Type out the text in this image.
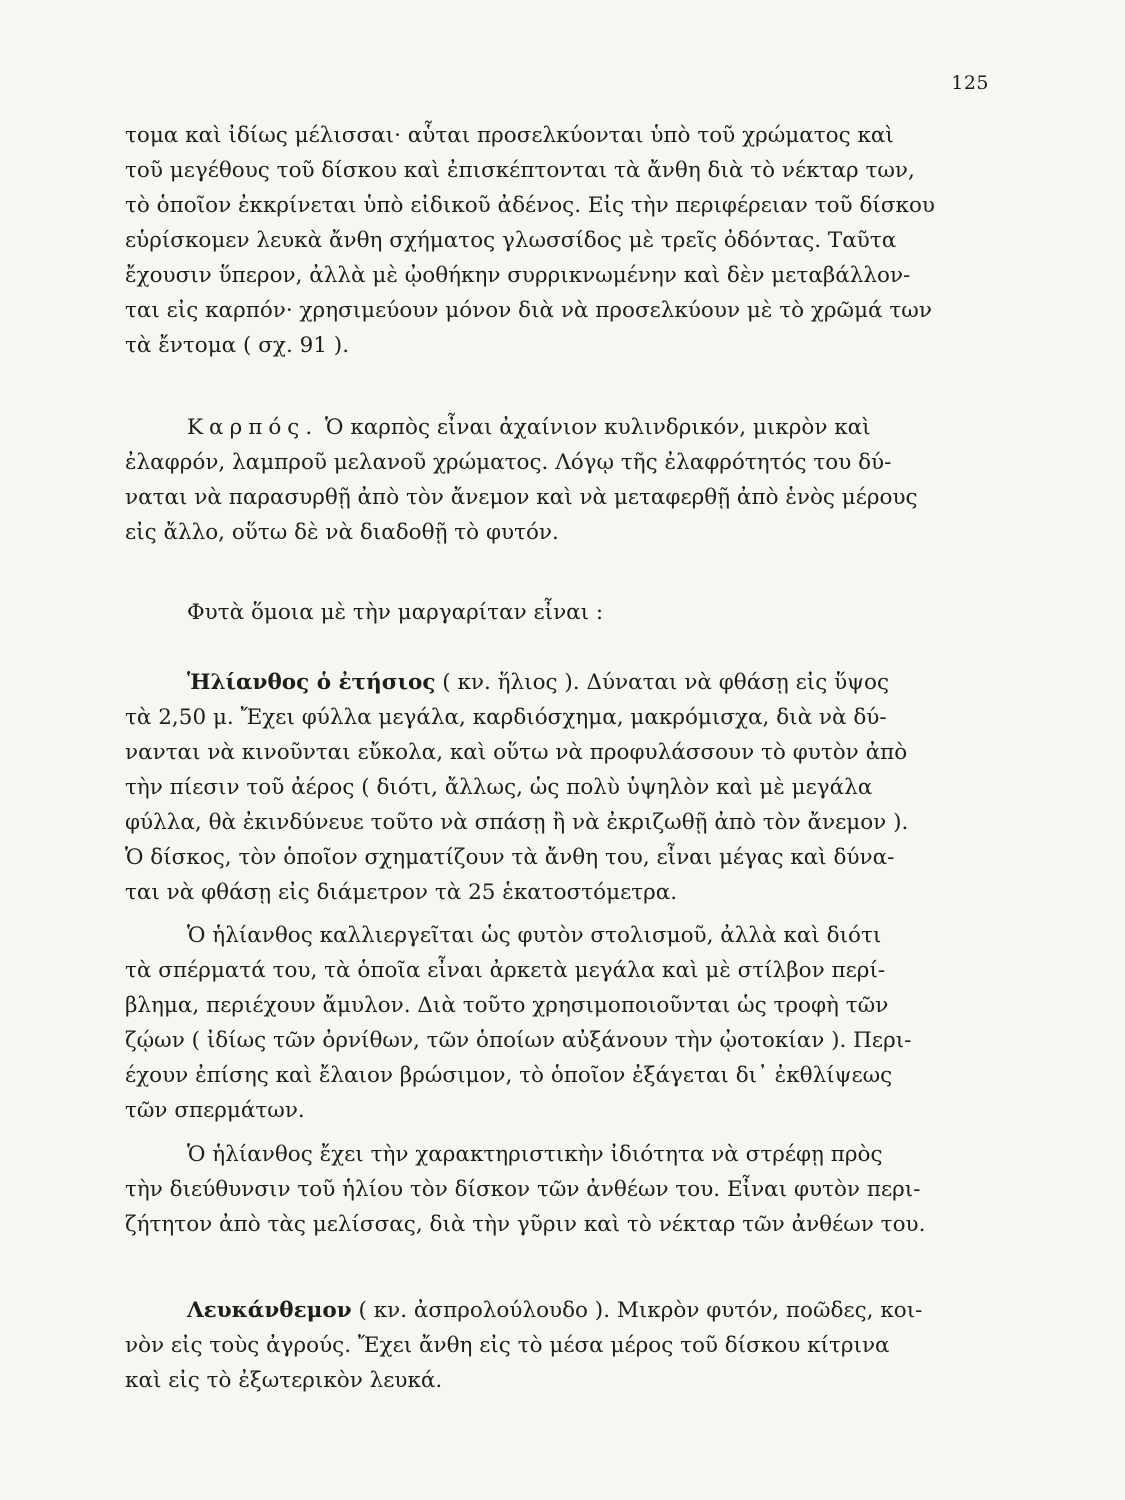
125
τομα καὶ ἰδίως μέλισσαι· αὗται προσελκύονται ὑπὸ τοῦ χρώματος καὶ
τοῦ μεγέθους τοῦ δίσκου καὶ ἐπισκέπτονται τὰ ἄνθη διὰ τὸ νέκταρ των,
τὸ ὁποῖον ἐκκρίνεται ὑπὸ εἰδικοῦ ἀδένος. Εἰς τὴν περιφέρειαν τοῦ δίσκου
εὑρίσκομεν λευκὰ ἄνθη σχήματος γλωσσίδος μὲ τρεῖς ὀδόντας. Ταῦτα
ἔχουσιν ὕπερον, ἀλλὰ μὲ ᾠοθήκην συρρικνωμένην καὶ δὲν μεταβάλλον-
ται εἰς καρπόν· χρησιμεύουν μόνον διὰ νὰ προσελκύουν μὲ τὸ χρῶμά των
τὰ ἔντομα ( σχ. 91 ).
Καρπός. Ὁ καρπὸς εἶναι ἀχαίνιον κυλινδρικόν, μικρὸν καὶ
ἐλαφρόν, λαμπροῦ μελανοῦ χρώματος. Λόγῳ τῆς ἐλαφρότητός του δύ-
ναται νὰ παρασυρθῇ ἀπὸ τὸν ἄνεμον καὶ νὰ μεταφερθῇ ἀπὸ ἑνὸς μέρους
εἰς ἄλλο, οὕτω δὲ νὰ διαδοθῇ τὸ φυτόν.
Φυτὰ ὅμοια μὲ τὴν μαργαρίταν εἶναι :
Ἡλίανθος ὁ ἐτήσιος ( κν. ἥλιος ). Δύναται νὰ φθάσῃ εἰς ὕψος
τὰ 2,50 μ. Ἔχει φύλλα μεγάλα, καρδιόσχημα, μακρόμισχα, διὰ νὰ δύ-
νανται νὰ κινοῦνται εὔκολα, καὶ οὕτω νὰ προφυλάσσουν τὸ φυτὸν ἀπὸ
τὴν πίεσιν τοῦ ἀέρος ( διότι, ἄλλως, ὡς πολὺ ὑψηλὸν καὶ μὲ μεγάλα
φύλλα, θὰ ἐκινδύνευε τοῦτο νὰ σπάσῃ ἢ νὰ ἐκριζωθῇ ἀπὸ τὸν ἄνεμον ).
Ὁ δίσκος, τὸν ὁποῖον σχηματίζουν τὰ ἄνθη του, εἶναι μέγας καὶ δύνα-
ται νὰ φθάσῃ εἰς διάμετρον τὰ 25 ἑκατοστόμετρα.
Ὁ ἡλίανθος καλλιεργεῖται ὡς φυτὸν στολισμοῦ, ἀλλὰ καὶ διότι
τὰ σπέρματά του, τὰ ὁποῖα εἶναι ἀρκετὰ μεγάλα καὶ μὲ στίλβον περί-
βλημα, περιέχουν ἄμυλον. Διὰ τοῦτο χρησιμοποιοῦνται ὡς τροφὴ τῶν
ζῴων ( ἰδίως τῶν ὀρνίθων, τῶν ὁποίων αὐξάνουν τὴν ᾠοτοκίαν ). Περι-
έχουν ἐπίσης καὶ ἔλαιον βρώσιμον, τὸ ὁποῖον ἐξάγεται δι᾽ ἐκθλίψεως
τῶν σπερμάτων.
Ὁ ἡλίανθος ἔχει τὴν χαρακτηριστικὴν ἰδιότητα νὰ στρέφῃ πρὸς
τὴν διεύθυνσιν τοῦ ἡλίου τὸν δίσκον τῶν ἀνθέων του. Εἶναι φυτὸν περι-
ζήτητον ἀπὸ τὰς μελίσσας, διὰ τὴν γῦριν καὶ τὸ νέκταρ τῶν ἀνθέων του.
Λευκάνθεμον ( κν. ἀσπρολούλουδο ). Μικρὸν φυτόν, ποῶδες, κοι-
νὸν εἰς τοὺς ἀγρούς. Ἔχει ἄνθη εἰς τὸ μέσα μέρος τοῦ δίσκου κίτρινα
καὶ εἰς τὸ ἐξωτερικὸν λευκά.
